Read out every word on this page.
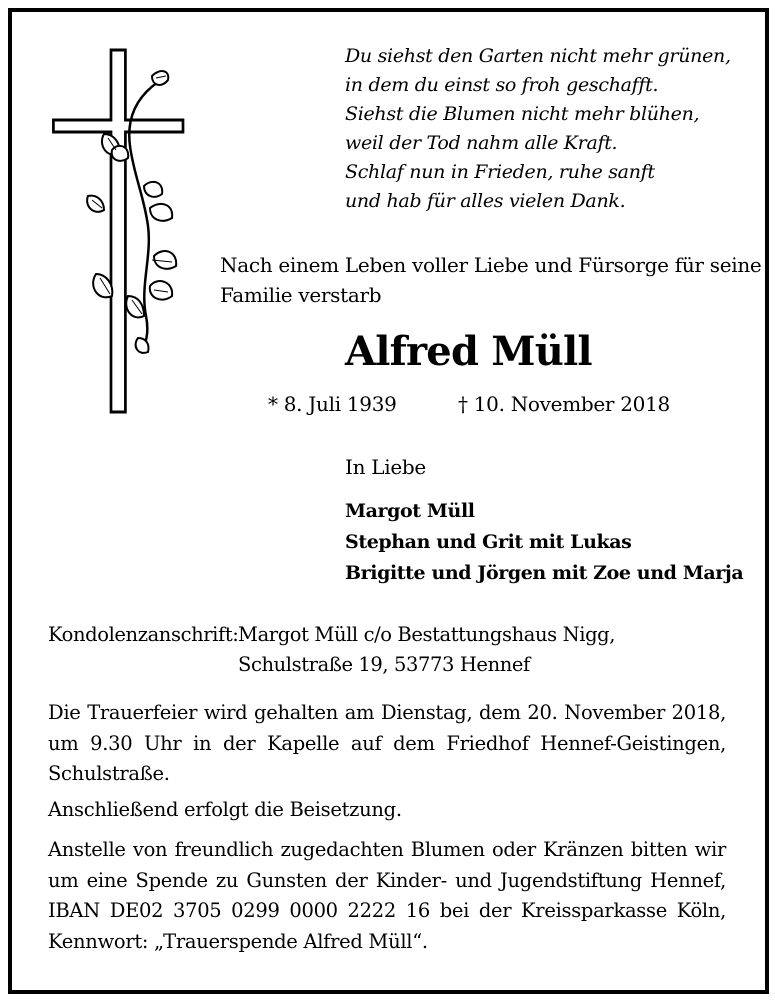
Du siehst den Garten nicht mehr grünen,
in dem du einst so froh geschafft.
Siehst die Blumen nicht mehr blühen,
weil der Tod nahm alle Kraft.
Schlaf nun in Frieden, ruhe sanft
und hab für alles vielen Dank.
Nach einem Leben voller Liebe und Fürsorge für seine
Familie verstarb
Alfred Müll
* 8. Juli 1939	† 10. November 2018
In Liebe
Margot Müll
Stephan und Grit mit Lukas
Brigitte und Jörgen mit Zoe und Marja
Kondolenzanschrift: Margot Müll c/o Bestattungshaus Nigg,
Schulstraße 19, 53773 Hennef
Die Trauerfeier wird gehalten am Dienstag, dem 20. November 2018,
um 9.30 Uhr in der Kapelle auf dem Friedhof Hennef-Geistingen,
Schulstraße.
Anschließend erfolgt die Beisetzung.
Anstelle von freundlich zugedachten Blumen oder Kränzen bitten wir
um eine Spende zu Gunsten der Kinder- und Jugendstiftung Hennef,
IBAN DE02 3705 0299 0000 2222 16 bei der Kreissparkasse Köln,
Kennwort: „Trauerspende Alfred Müll“.
